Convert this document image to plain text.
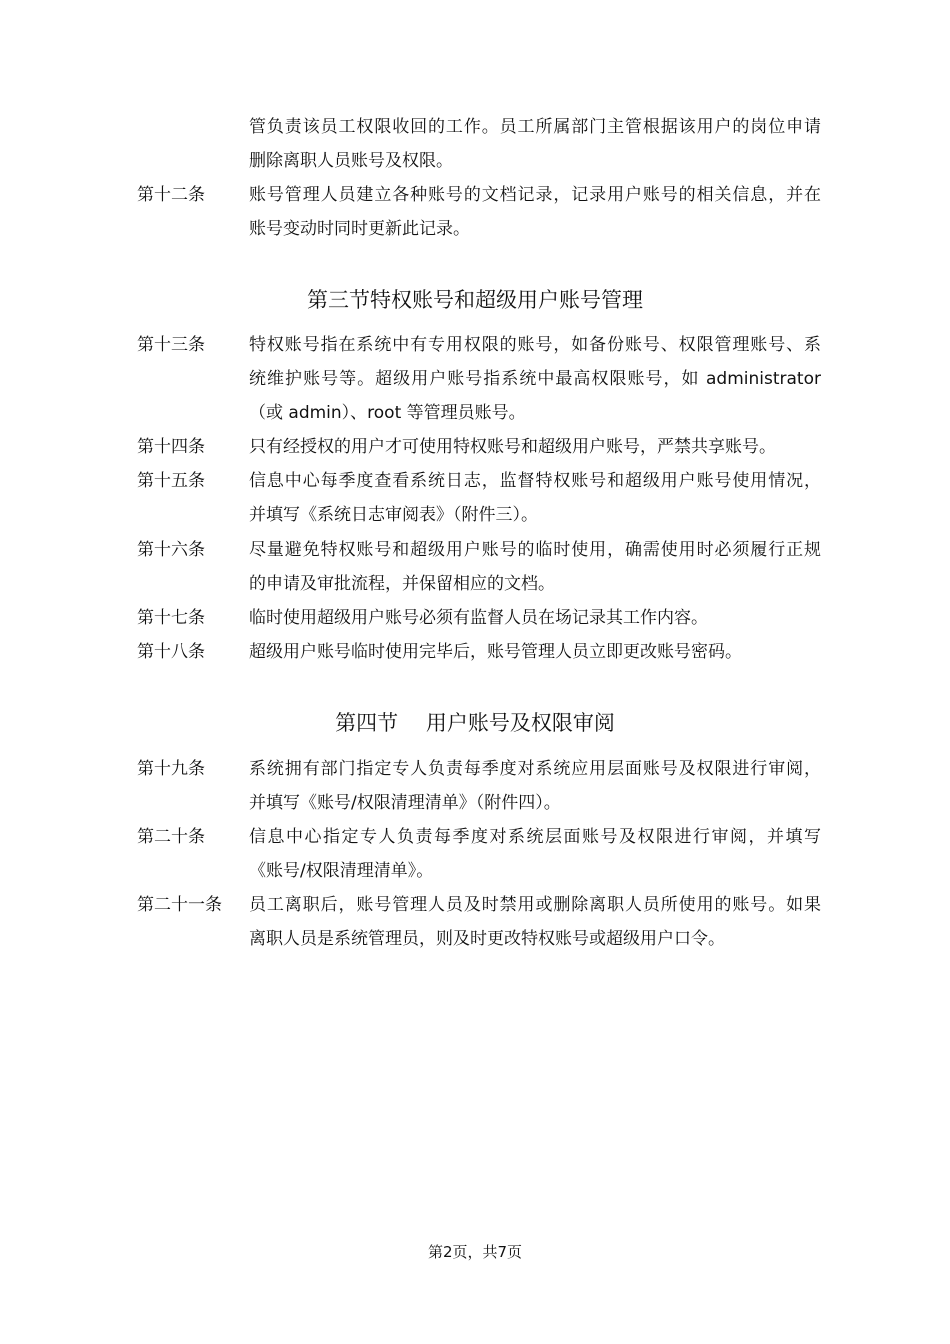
管负责该员工权限收回的工作。员工所属部门主管根据该用户的岗位申请
删除离职人员账号及权限。
第十二条	账号管理人员建立各种账号的文档记录，记录用户账号的相关信息，并在
账号变动时同时更新此记录。
第三节特权账号和超级用户账号管理
第十三条	特权账号指在系统中有专用权限的账号，如备份账号、权限管理账号、系
统维护账号等。超级用户账号指系统中最高权限账号，如 administrator
（或 admin）、root 等管理员账号。
第十四条	只有经授权的用户才可使用特权账号和超级用户账号，严禁共享账号。
第十五条	信息中心每季度查看系统日志，监督特权账号和超级用户账号使用情况，
并填写《系统日志审阅表》（附件三）。
第十六条	尽量避免特权账号和超级用户账号的临时使用，确需使用时必须履行正规
的申请及审批流程，并保留相应的文档。
第十七条	临时使用超级用户账号必须有监督人员在场记录其工作内容。
第十八条	超级用户账号临时使用完毕后，账号管理人员立即更改账号密码。
第四节　 用户账号及权限审阅
第十九条	系统拥有部门指定专人负责每季度对系统应用层面账号及权限进行审阅，
并填写《账号/权限清理清单》（附件四）。
第二十条	信息中心指定专人负责每季度对系统层面账号及权限进行审阅，并填写
《账号/权限清理清单》。
第二十一条 员工离职后，账号管理人员及时禁用或删除离职人员所使用的账号。如果
离职人员是系统管理员，则及时更改特权账号或超级用户口令。
第2页，共7页
